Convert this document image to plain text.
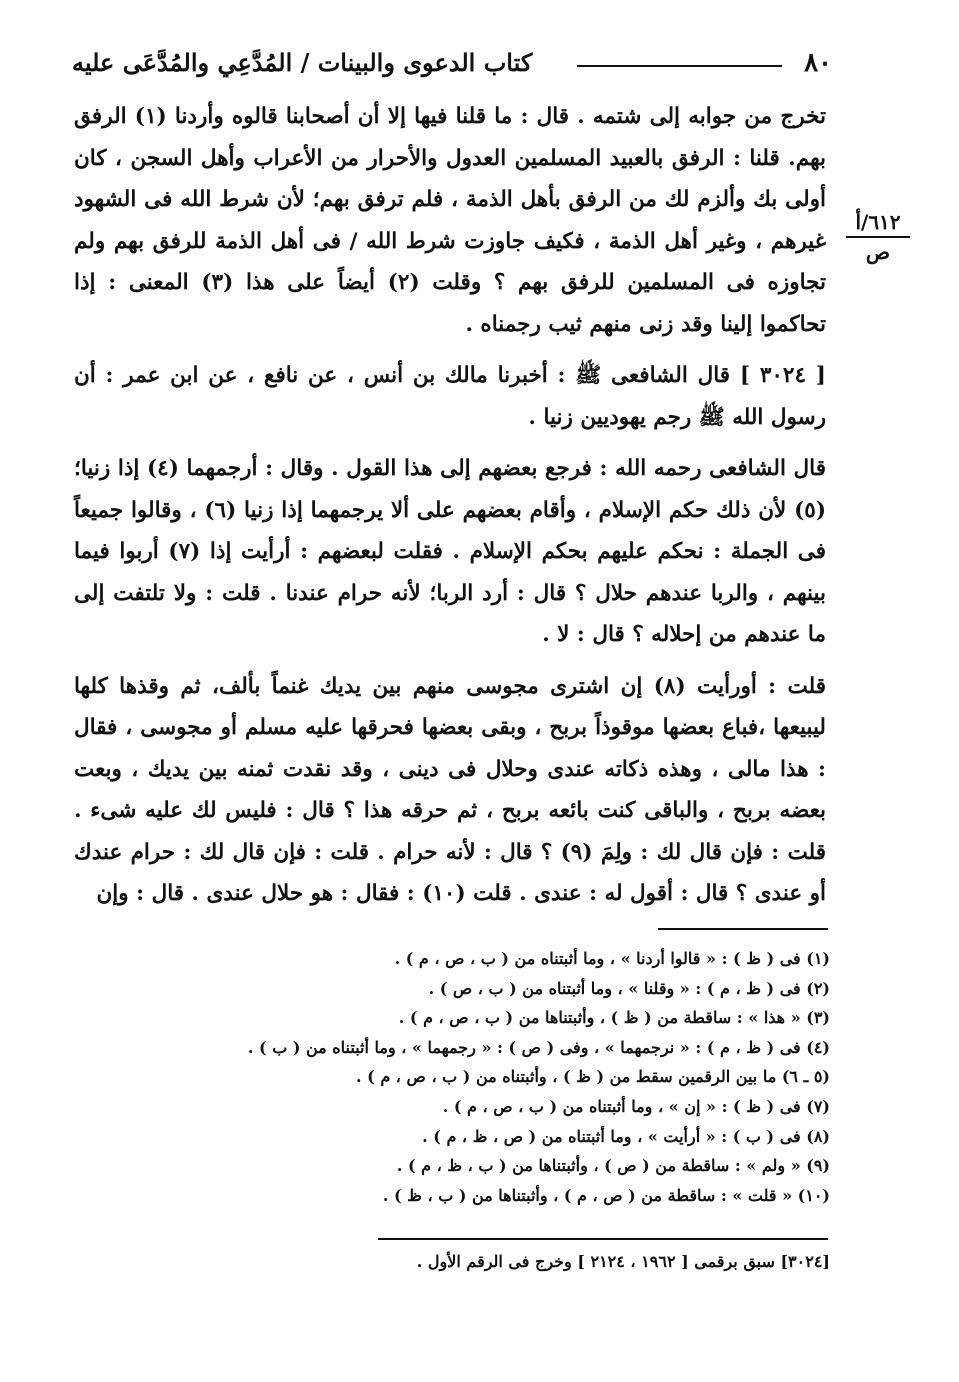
٨٠
كتاب الدعوى والبينات / المُدَّعِي والمُدَّعَى عليه
٦١٢/أ
ص

تخرج من جوابه إلى شتمه . قال : ما قلنا فيها إلا أن أصحابنا قالوه وأردنا (١) الرفق بهم. قلنا : الرفق بالعبيد المسلمين العدول والأحرار من الأعراب وأهل السجن ، كان أولى بك وألزم لك من الرفق بأهل الذمة ، فلم ترفق بهم؛ لأن شرط الله فى الشهود غيرهم ، وغير أهل الذمة ، فكيف جاوزت شرط الله / فى أهل الذمة للرفق بهم ولم تجاوزه فى المسلمين للرفق بهم ؟ وقلت (٢) أيضاً على هذا (٣) المعنى : إذا تحاكموا إلينا وقد زنى منهم ثيب رجمناه .

[ ٣٠٢٤ ] قال الشافعى ﷺ : أخبرنا مالك بن أنس ، عن نافع ، عن ابن عمر : أن رسول الله ﷺ رجم يهوديين زنيا .

قال الشافعى رحمه الله : فرجع بعضهم إلى هذا القول . وقال : أرجمهما (٤) إذا زنيا؛ (٥) لأن ذلك حكم الإسلام ، وأقام بعضهم على ألا يرجمهما إذا زنيا (٦) ، وقالوا جميعاً فى الجملة : نحكم عليهم بحكم الإسلام . فقلت لبعضهم : أرأيت إذا (٧) أربوا فيما بينهم ، والربا عندهم حلال ؟ قال : أرد الربا؛ لأنه حرام عندنا . قلت : ولا تلتفت إلى ما عندهم من إحلاله ؟ قال : لا .

قلت : أورأيت (٨) إن اشترى مجوسى منهم بين يديك غنماً بألف، ثم وقذها كلها ليبيعها ،فباع بعضها موقوذاً بربح ، وبقى بعضها فحرقها عليه مسلم أو مجوسى ، فقال : هذا مالى ، وهذه ذكاته عندى وحلال فى دينى ، وقد نقدت ثمنه بين يديك ، وبعت بعضه بربح ، والباقى كنت بائعه بربح ، ثم حرقه هذا ؟ قال : فليس لك عليه شىء . قلت : فإن قال لك : ولِمَ (٩) ؟ قال : لأنه حرام . قلت : فإن قال لك : حرام عندك أو عندى ؟ قال : أقول له : عندى . قلت (١٠) : فقال : هو حلال عندى . قال : وإن

(١) فى ( ظ ) : « قالوا أردنا » ، وما أثبتناه من ( ب ، ص ، م ) .
(٢) فى ( ظ ، م ) : « وقلنا » ، وما أثبتناه من ( ب ، ص ) .
(٣) « هذا » : ساقطة من ( ظ ) ، وأثبتناها من ( ب ، ص ، م ) .
(٤) فى ( ظ ، م ) : « نرجمهما » ، وفى ( ص ) : « رجمهما » ، وما أثبتناه من ( ب ) .
(٥ ـ ٦) ما بين الرقمين سقط من ( ظ ) ، وأثبتناه من ( ب ، ص ، م ) .
(٧) فى ( ظ ) : « إن » ، وما أثبتناه من ( ب ، ص ، م ) .
(٨) فى ( ب ) : « أرأيت » ، وما أثبتناه من ( ص ، ظ ، م ) .
(٩) « ولم » : ساقطة من ( ص ) ، وأثبتناها من ( ب ، ظ ، م ) .
(١٠) « قلت » : ساقطة من ( ص ، م ) ، وأثبتناها من ( ب ، ظ ) .
[٣٠٢٤] سبق برقمى [ ١٩٦٢ ، ٢١٢٤ ] وخرج فى الرقم الأول .
